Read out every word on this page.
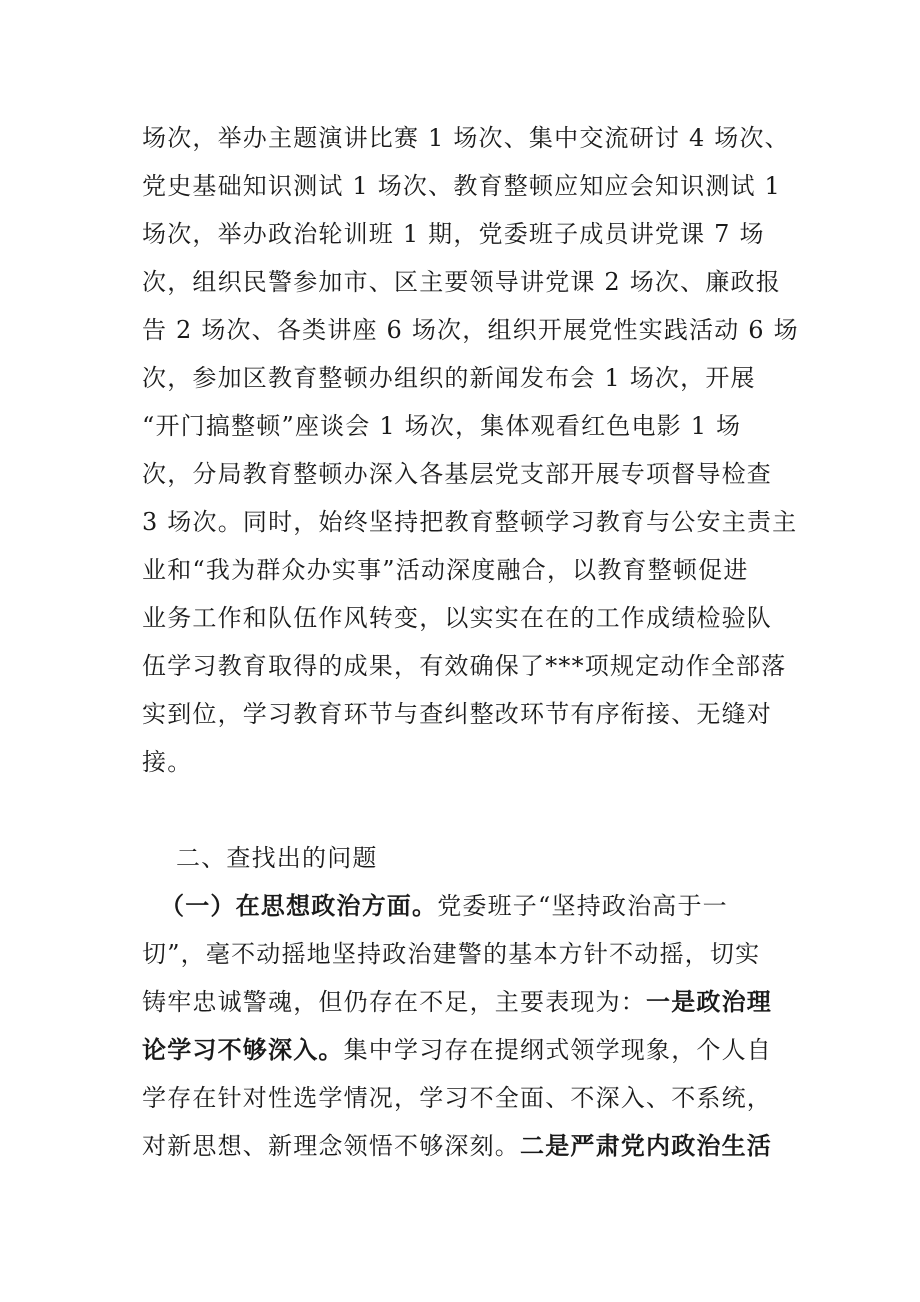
场次，举办主题演讲比赛 1 场次、集中交流研讨 4 场次、
党史基础知识测试 1 场次、教育整顿应知应会知识测试 1
场次，举办政治轮训班 1 期，党委班子成员讲党课 7 场
次，组织民警参加市、区主要领导讲党课 2 场次、廉政报
告 2 场次、各类讲座 6 场次，组织开展党性实践活动 6 场
次，参加区教育整顿办组织的新闻发布会 1 场次，开展
“开门搞整顿”座谈会 1 场次，集体观看红色电影 1 场
次，分局教育整顿办深入各基层党支部开展专项督导检查
3 场次。同时，始终坚持把教育整顿学习教育与公安主责主
业和“我为群众办实事”活动深度融合，以教育整顿促进
业务工作和队伍作风转变，以实实在在的工作成绩检验队
伍学习教育取得的成果，有效确保了***项规定动作全部落
实到位，学习教育环节与查纠整改环节有序衔接、无缝对
接。
二、查找出的问题
（一）在思想政治方面。党委班子“坚持政治高于一
切”，毫不动摇地坚持政治建警的基本方针不动摇，切实
铸牢忠诚警魂，但仍存在不足，主要表现为：一是政治理
论学习不够深入。集中学习存在提纲式领学现象，个人自
学存在针对性选学情况，学习不全面、不深入、不系统，
对新思想、新理念领悟不够深刻。二是严肃党内政治生活
